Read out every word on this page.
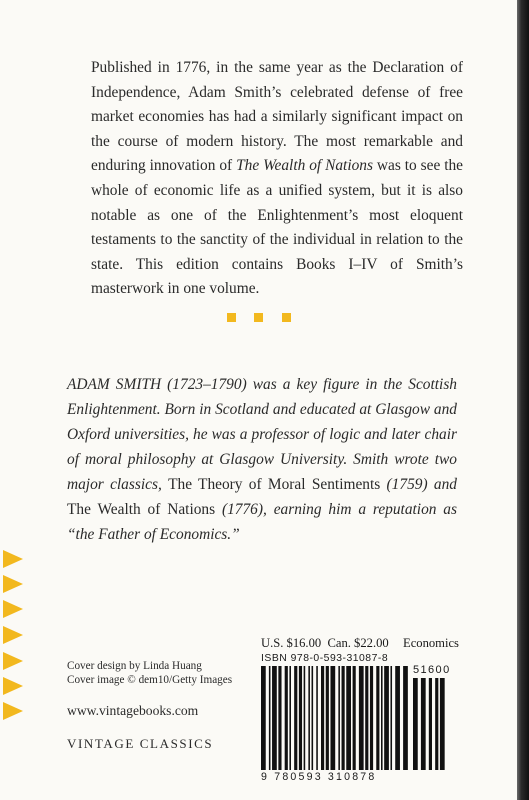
Published in 1776, in the same year as the Declaration of Independence, Adam Smith’s celebrated defense of free market economies has had a similarly significant impact on the course of modern history. The most remarkable and enduring innovation of The Wealth of Nations was to see the whole of economic life as a unified system, but it is also notable as one of the Enlightenment’s most eloquent testaments to the sanctity of the individual in relation to the state. This edition contains Books I–IV of Smith’s masterwork in one volume.

ADAM SMITH (1723–1790) was a key figure in the Scottish Enlightenment. Born in Scotland and educated at Glasgow and Oxford universities, he was a professor of logic and later chair of moral philosophy at Glasgow University. Smith wrote two major classics, The Theory of Moral Sentiments (1759) and The Wealth of Nations (1776), earning him a reputation as “the Father of Economics.”

Cover design by Linda Huang
Cover image © dem10/Getty Images
www.vintagebooks.com
VINTAGE CLASSICS
U.S. $16.00  Can. $22.00 Economics
ISBN 978-0-593-31087-8
51600
9 780593 310878
